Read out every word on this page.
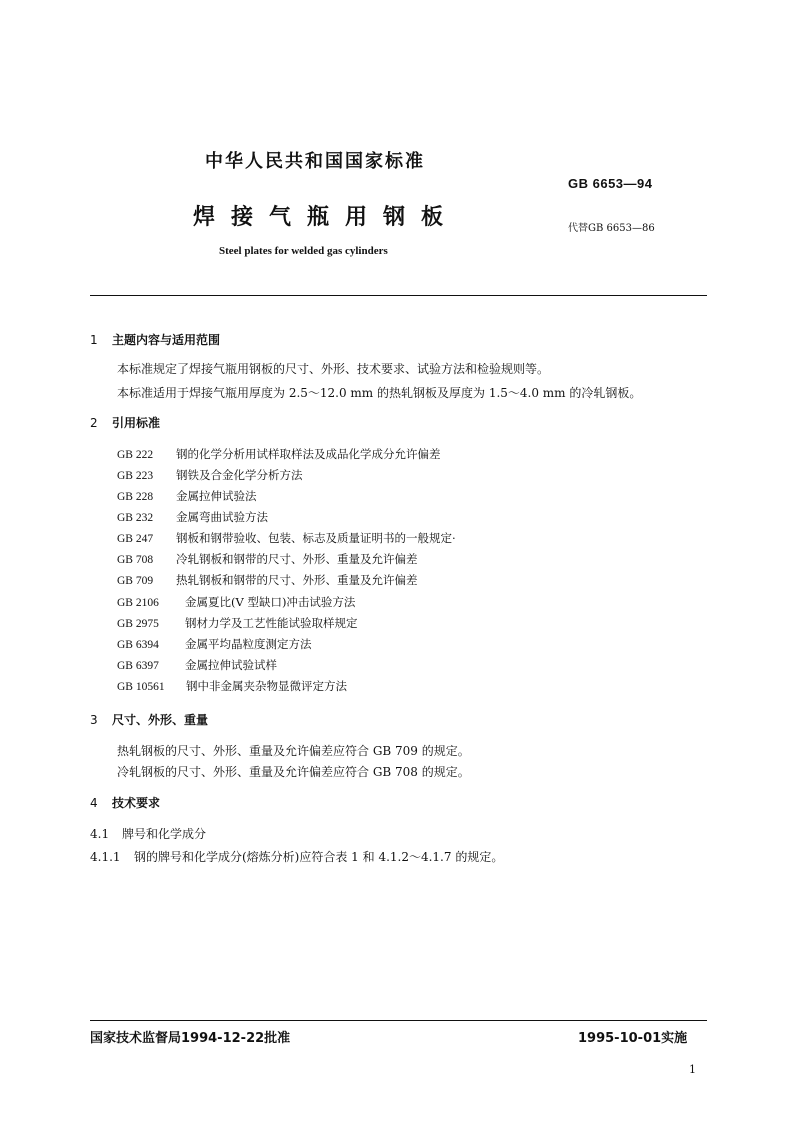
中华人民共和国国家标准
GB 6653—94
焊接气瓶用钢板	代替GB 6653—86
Steel plates for welded gas cylinders
1 主题内容与适用范围
本标准规定了焊接气瓶用钢板的尺寸、外形、技术要求、试验方法和检验规则等。
本标准适用于焊接气瓶用厚度为 2.5～12.0 mm 的热轧钢板及厚度为 1.5～4.0 mm 的冷轧钢板。
2 引用标准
GB 222 钢的化学分析用试样取样法及成品化学成分允许偏差
GB 223 钢铁及合金化学分析方法
GB 228 金属拉伸试验法
GB 232 金属弯曲试验方法
GB 247 钢板和钢带验收、包装、标志及质量证明书的一般规定·
GB 708 冷轧钢板和钢带的尺寸、外形、重量及允许偏差
GB 709 热轧钢板和钢带的尺寸、外形、重量及允许偏差
GB 2106 金属夏比(V 型缺口)冲击试验方法
GB 2975 钢材力学及工艺性能试验取样规定
GB 6394 金属平均晶粒度测定方法
GB 6397 金属拉伸试验试样
GB 10561 钢中非金属夹杂物显微评定方法
3 尺寸、外形、重量
热轧钢板的尺寸、外形、重量及允许偏差应符合 GB 709 的规定。
冷轧钢板的尺寸、外形、重量及允许偏差应符合 GB 708 的规定。
4 技术要求
4.1 牌号和化学成分
4.1.1 钢的牌号和化学成分(熔炼分析)应符合表 1 和 4.1.2～4.1.7 的规定。
国家技术监督局1994-12-22批准	1995-10-01实施
1
